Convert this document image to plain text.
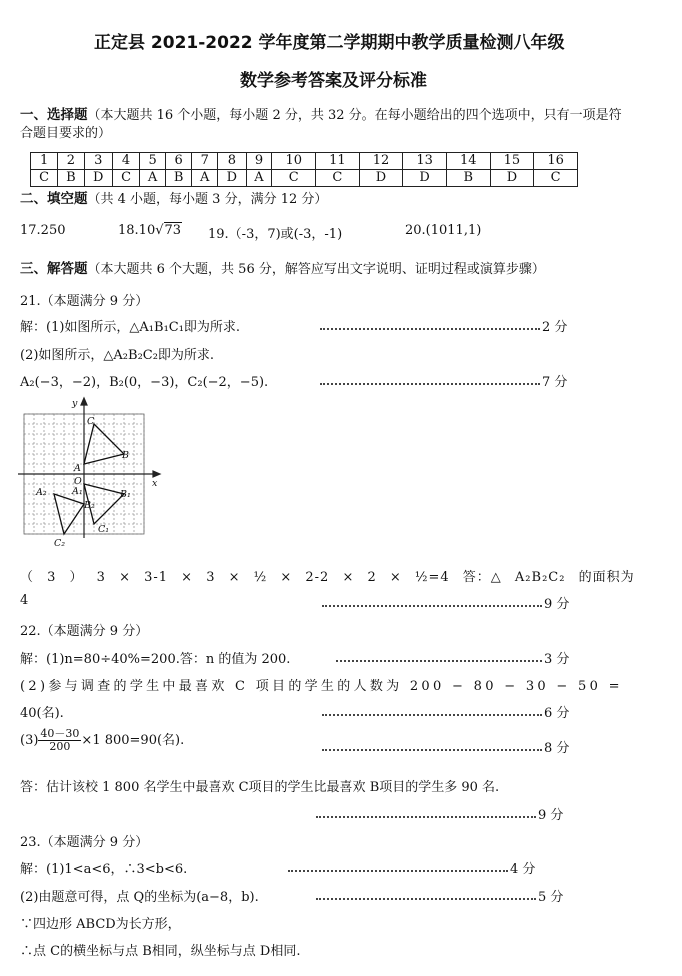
正定县 2021-2022 学年度第二学期期中教学质量检测八年级
数学参考答案及评分标准
一、选择题（本大题共 16 个小题，每小题 2 分，共 32 分。在每小题给出的四个选项中，只有一项是符
合题目要求的）
1	2	3	4	5	6	7	8	9	10	11	12	13	14	15	16
C	B	D	C	A	B	A	D	A	C	C	D	D	B	D	C
二、填空题（共 4 小题，每小题 3 分，满分 12 分）
17.250	18.10√73 19.（-3，7)或(-3，-1)	20.(1011,1)
三、解答题（本大题共 6 个大题，共 56 分，解答应写出文字说明、证明过程或演算步骤）
21.（本题满分 9 分）
解：(1)如图所示，△A₁B₁C₁即为所求.	2 分
(2)如图所示，△A₂B₂C₂即为所求.
A₂(−3，−2)，B₂(0，−3)，C₂(−2，−5).	7 分
y
x
O
C
B
A
A₁	B₁
C₁
A₂
B₂
C₂
（ 3 ） 3 × 3-1 × 3 × ½ × 2-2 × 2 × ½=4 答：△ A₂B₂C₂ 的面积为
4	9 分
22.（本题满分 9 分）
解：(1)n=80÷40%=200.答：n 的值为 200.	3 分
(2)参与调查的学生中最喜欢 C 项目的学生的人数为 200 − 80 − 30 − 50 =
40(名).	6 分
$(3) \frac{40-30}{200} \times 1$ 800=90(名).
8 分
答：估计该校 1 800 名学生中最喜欢 C项目的学生比最喜欢 B项目的学生多 90 名.
9 分
23.（本题满分 9 分）
解：(1)1<a<6，∴3<b<6.	4 分
(2)由题意可得，点 Q的坐标为(a−8，b).	5 分
∵四边形 ABCD为长方形，
∴点 C的横坐标与点 B相同，纵坐标与点 D相同.
